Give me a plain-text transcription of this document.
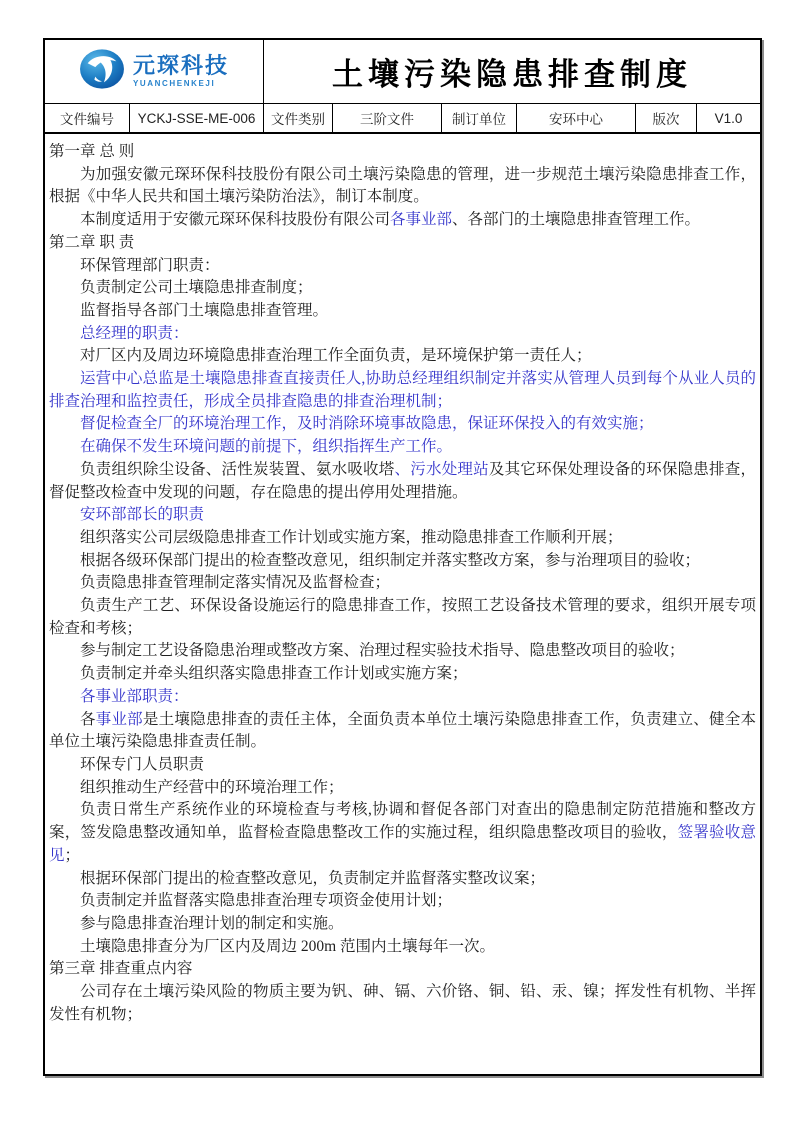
元琛科技
YUANCHENKEJI	土壤污染隐患排查制度
文件编号	YCKJ-SSE-ME-006	文件类别	三阶文件	制订单位	安环中心	版次	V1.0

第一章 总 则

为加强安徽元琛环保科技股份有限公司土壤污染隐患的管理，进一步规范土壤污染隐患排查工作，根据《中华人民共和国土壤污染防治法》，制订本制度。

本制度适用于安徽元琛环保科技股份有限公司各事业部、各部门的土壤隐患排查管理工作。

第二章 职 责

环保管理部门职责：

负责制定公司土壤隐患排查制度；

监督指导各部门土壤隐患排查管理。

总经理的职责：

对厂区内及周边环境隐患排查治理工作全面负责，是环境保护第一责任人；

运营中心总监是土壤隐患排查直接责任人,协助总经理组织制定并落实从管理人员到每个从业人员的排查治理和监控责任，形成全员排查隐患的排查治理机制；

督促检查全厂的环境治理工作，及时消除环境事故隐患，保证环保投入的有效实施；

在确保不发生环境问题的前提下，组织指挥生产工作。

负责组织除尘设备、活性炭装置、氨水吸收塔、污水处理站及其它环保处理设备的环保隐患排查，督促整改检查中发现的问题，存在隐患的提出停用处理措施。

安环部部长的职责

组织落实公司层级隐患排查工作计划或实施方案，推动隐患排查工作顺利开展；

根据各级环保部门提出的检查整改意见，组织制定并落实整改方案，参与治理项目的验收；

负责隐患排查管理制定落实情况及监督检查；

负责生产工艺、环保设备设施运行的隐患排查工作，按照工艺设备技术管理的要求，组织开展专项检查和考核；

参与制定工艺设备隐患治理或整改方案、治理过程实验技术指导、隐患整改项目的验收；

负责制定并牵头组织落实隐患排查工作计划或实施方案；

各事业部职责：

各事业部是土壤隐患排查的责任主体，全面负责本单位土壤污染隐患排查工作，负责建立、健全本单位土壤污染隐患排查责任制。

环保专门人员职责

组织推动生产经营中的环境治理工作；

负责日常生产系统作业的环境检查与考核,协调和督促各部门对查出的隐患制定防范措施和整改方案，签发隐患整改通知单，监督检查隐患整改工作的实施过程，组织隐患整改项目的验收，签署验收意见；

根据环保部门提出的检查整改意见，负责制定并监督落实整改议案；

负责制定并监督落实隐患排查治理专项资金使用计划；

参与隐患排查治理计划的制定和实施。

土壤隐患排查分为厂区内及周边 200m 范围内土壤每年一次。

第三章 排查重点内容

公司存在土壤污染风险的物质主要为钒、砷、镉、六价铬、铜、铅、汞、镍；挥发性有机物、半挥发性有机物；
